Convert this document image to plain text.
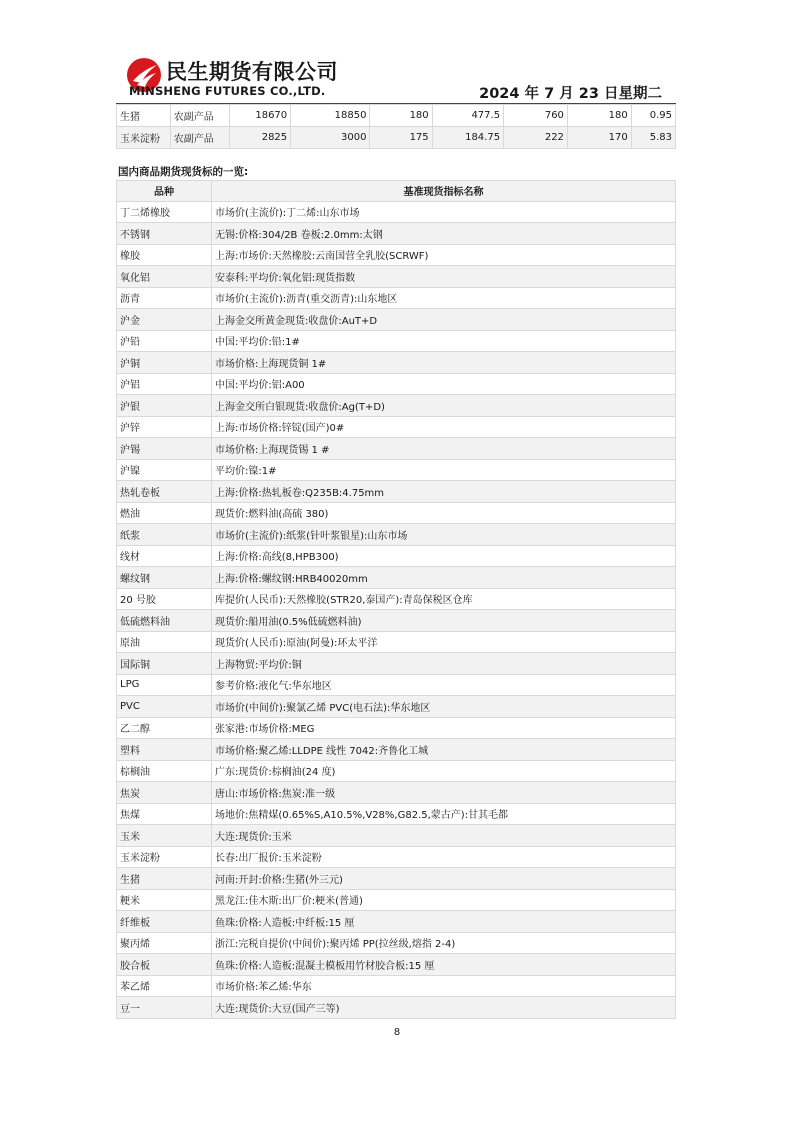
民生期货有限公司
MINSHENG FUTURES CO.,LTD.	2024 年 7 月 23 日星期二
生猪	农副产品	18670	18850	180	477.5	760	180	0.95
玉米淀粉	农副产品	2825	3000	175	184.75	222	170	5.83
国内商品期货现货标的一览:
品种	基准现货指标名称
丁二烯橡胶	市场价(主流价):丁二烯:山东市场
不锈钢	无锡:价格:304/2B 卷板:2.0mm:太钢
橡胶	上海:市场价:天然橡胶:云南国营全乳胶(SCRWF)
氧化铝	安泰科:平均价:氧化铝:现货指数
沥青	市场价(主流价):沥青(重交沥青):山东地区
沪金	上海金交所黄金现货:收盘价:AuT+D
沪铅	中国:平均价:铅:1#
沪铜	市场价格:上海现货铜 1#
沪铝	中国:平均价:铝:A00
沪银	上海金交所白银现货:收盘价:Ag(T+D)
沪锌	上海:市场价格:锌锭(国产)0#
沪锡	市场价格:上海现货锡 1 #
沪镍	平均价:镍:1#
热轧卷板	上海:价格:热轧板卷:Q235B:4.75mm
燃油	现货价:燃料油(高硫 380)
纸浆	市场价(主流价):纸浆(针叶浆银星):山东市场
线材	上海:价格:高线(8,HPB300)
螺纹钢	上海:价格:螺纹钢:HRB40020mm
20 号胶	库提价(人民币):天然橡胶(STR20,泰国产):青岛保税区仓库
低硫燃料油	现货价:船用油(0.5%低硫燃料油)
原油	现货价(人民币):原油(阿曼):环太平洋
国际铜	上海物贸:平均价:铜
LPG	参考价格:液化气:华东地区
PVC	市场价(中间价):聚氯乙烯 PVC(电石法):华东地区
乙二醇	张家港:市场价格:MEG
塑料	市场价格:聚乙烯:LLDPE 线性 7042:齐鲁化工城
棕榈油	广东:现货价:棕榈油(24 度)
焦炭	唐山:市场价格:焦炭:准一级
焦煤	场地价:焦精煤(0.65%S,A10.5%,V28%,G82.5,蒙古产):甘其毛都
玉米	大连:现货价:玉米
玉米淀粉	长春:出厂报价:玉米淀粉
生猪	河南:开封:价格:生猪(外三元)
粳米	黑龙江:佳木斯:出厂价:粳米(普通)
纤维板	鱼珠:价格:人造板:中纤板:15 厘
聚丙烯	浙江:完税自提价(中间价):聚丙烯 PP(拉丝级,熔指 2-4)
胶合板	鱼珠:价格:人造板:混凝土模板用竹材胶合板:15 厘
苯乙烯	市场价格:苯乙烯:华东
豆一	大连:现货价:大豆(国产三等)
8
